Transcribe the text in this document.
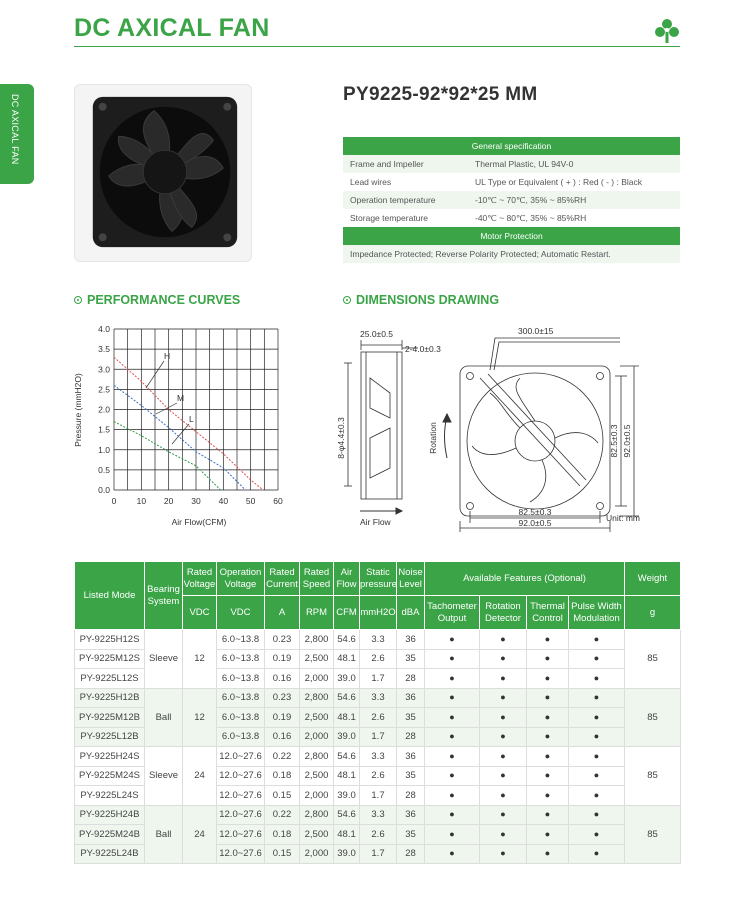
DC AXICAL FAN
DC AXICAL FAN	PY9225-92*92*25 MM
General specification
Frame and Impeller	Thermal Plastic, UL 94V-0
Lead wires	UL Type or Equivalent ( + ) : Red ( - ) : Black
Operation temperature	-10℃ ~ 70℃, 35% ~ 85%RH
Storage temperature	-40℃ ~ 80℃, 35% ~ 85%RH
Motor Protection
Impedance Protected; Reverse Polarity Protected; Automatic Restart.
PERFORMANCE CURVES	DIMENSIONS DRAWING
0 10 20 30 40 50 60
0.0
0.5
1.0
1.5
2.0
2.5
3.0
3.5
4.0
H
M
L
Air Flow(CFM)
Pressure (mmH2O)
25.0±0.5
2-4.0±0.3
8-φ4.4±0.3
Air Flow
300.0±15
82.5±0.3 92.0±0.5
82.5±0.3
92.0±0.5
Rotation
Unit: mm
Listed Mode	Bearing System	Rated Voltage	Operation Voltage	Rated Current	Rated Speed	Air Flow	Static pressure	Noise Level	Available Features (Optional)				Weight
		VDC	VDC	A	RPM	CFM	mmH2O	dBA	Tachometer Output	Rotation Detector	Thermal Control	Pulse Width Modulation	g
PY-9225H12S	Sleeve	12	6.0~13.8	0.23	2,800	54.6	3.3	36	●	●	●	●	85
PY-9225M12S			6.0~13.8	0.19	2,500	48.1	2.6	35	●	●	●	●
PY-9225L12S			6.0~13.8	0.16	2,000	39.0	1.7	28	●	●	●	●
PY-9225H12B	Ball	12	6.0~13.8	0.23	2,800	54.6	3.3	36	●	●	●	●	85
PY-9225M12B			6.0~13.8	0.19	2,500	48.1	2.6	35	●	●	●	●
PY-9225L12B			6.0~13.8	0.16	2,000	39.0	1.7	28	●	●	●	●
PY-9225H24S	Sleeve	24	12.0~27.6	0.22	2,800	54.6	3.3	36	●	●	●	●	85
PY-9225M24S			12.0~27.6	0.18	2,500	48.1	2.6	35	●	●	●	●
PY-9225L24S			12.0~27.6	0.15	2,000	39.0	1.7	28	●	●	●	●
PY-9225H24B	Ball	24	12.0~27.6	0.22	2,800	54.6	3.3	36	●	●	●	●	85
PY-9225M24B			12.0~27.6	0.18	2,500	48.1	2.6	35	●	●	●	●
PY-9225L24B			12.0~27.6	0.15	2,000	39.0	1.7	28	●	●	●	●
